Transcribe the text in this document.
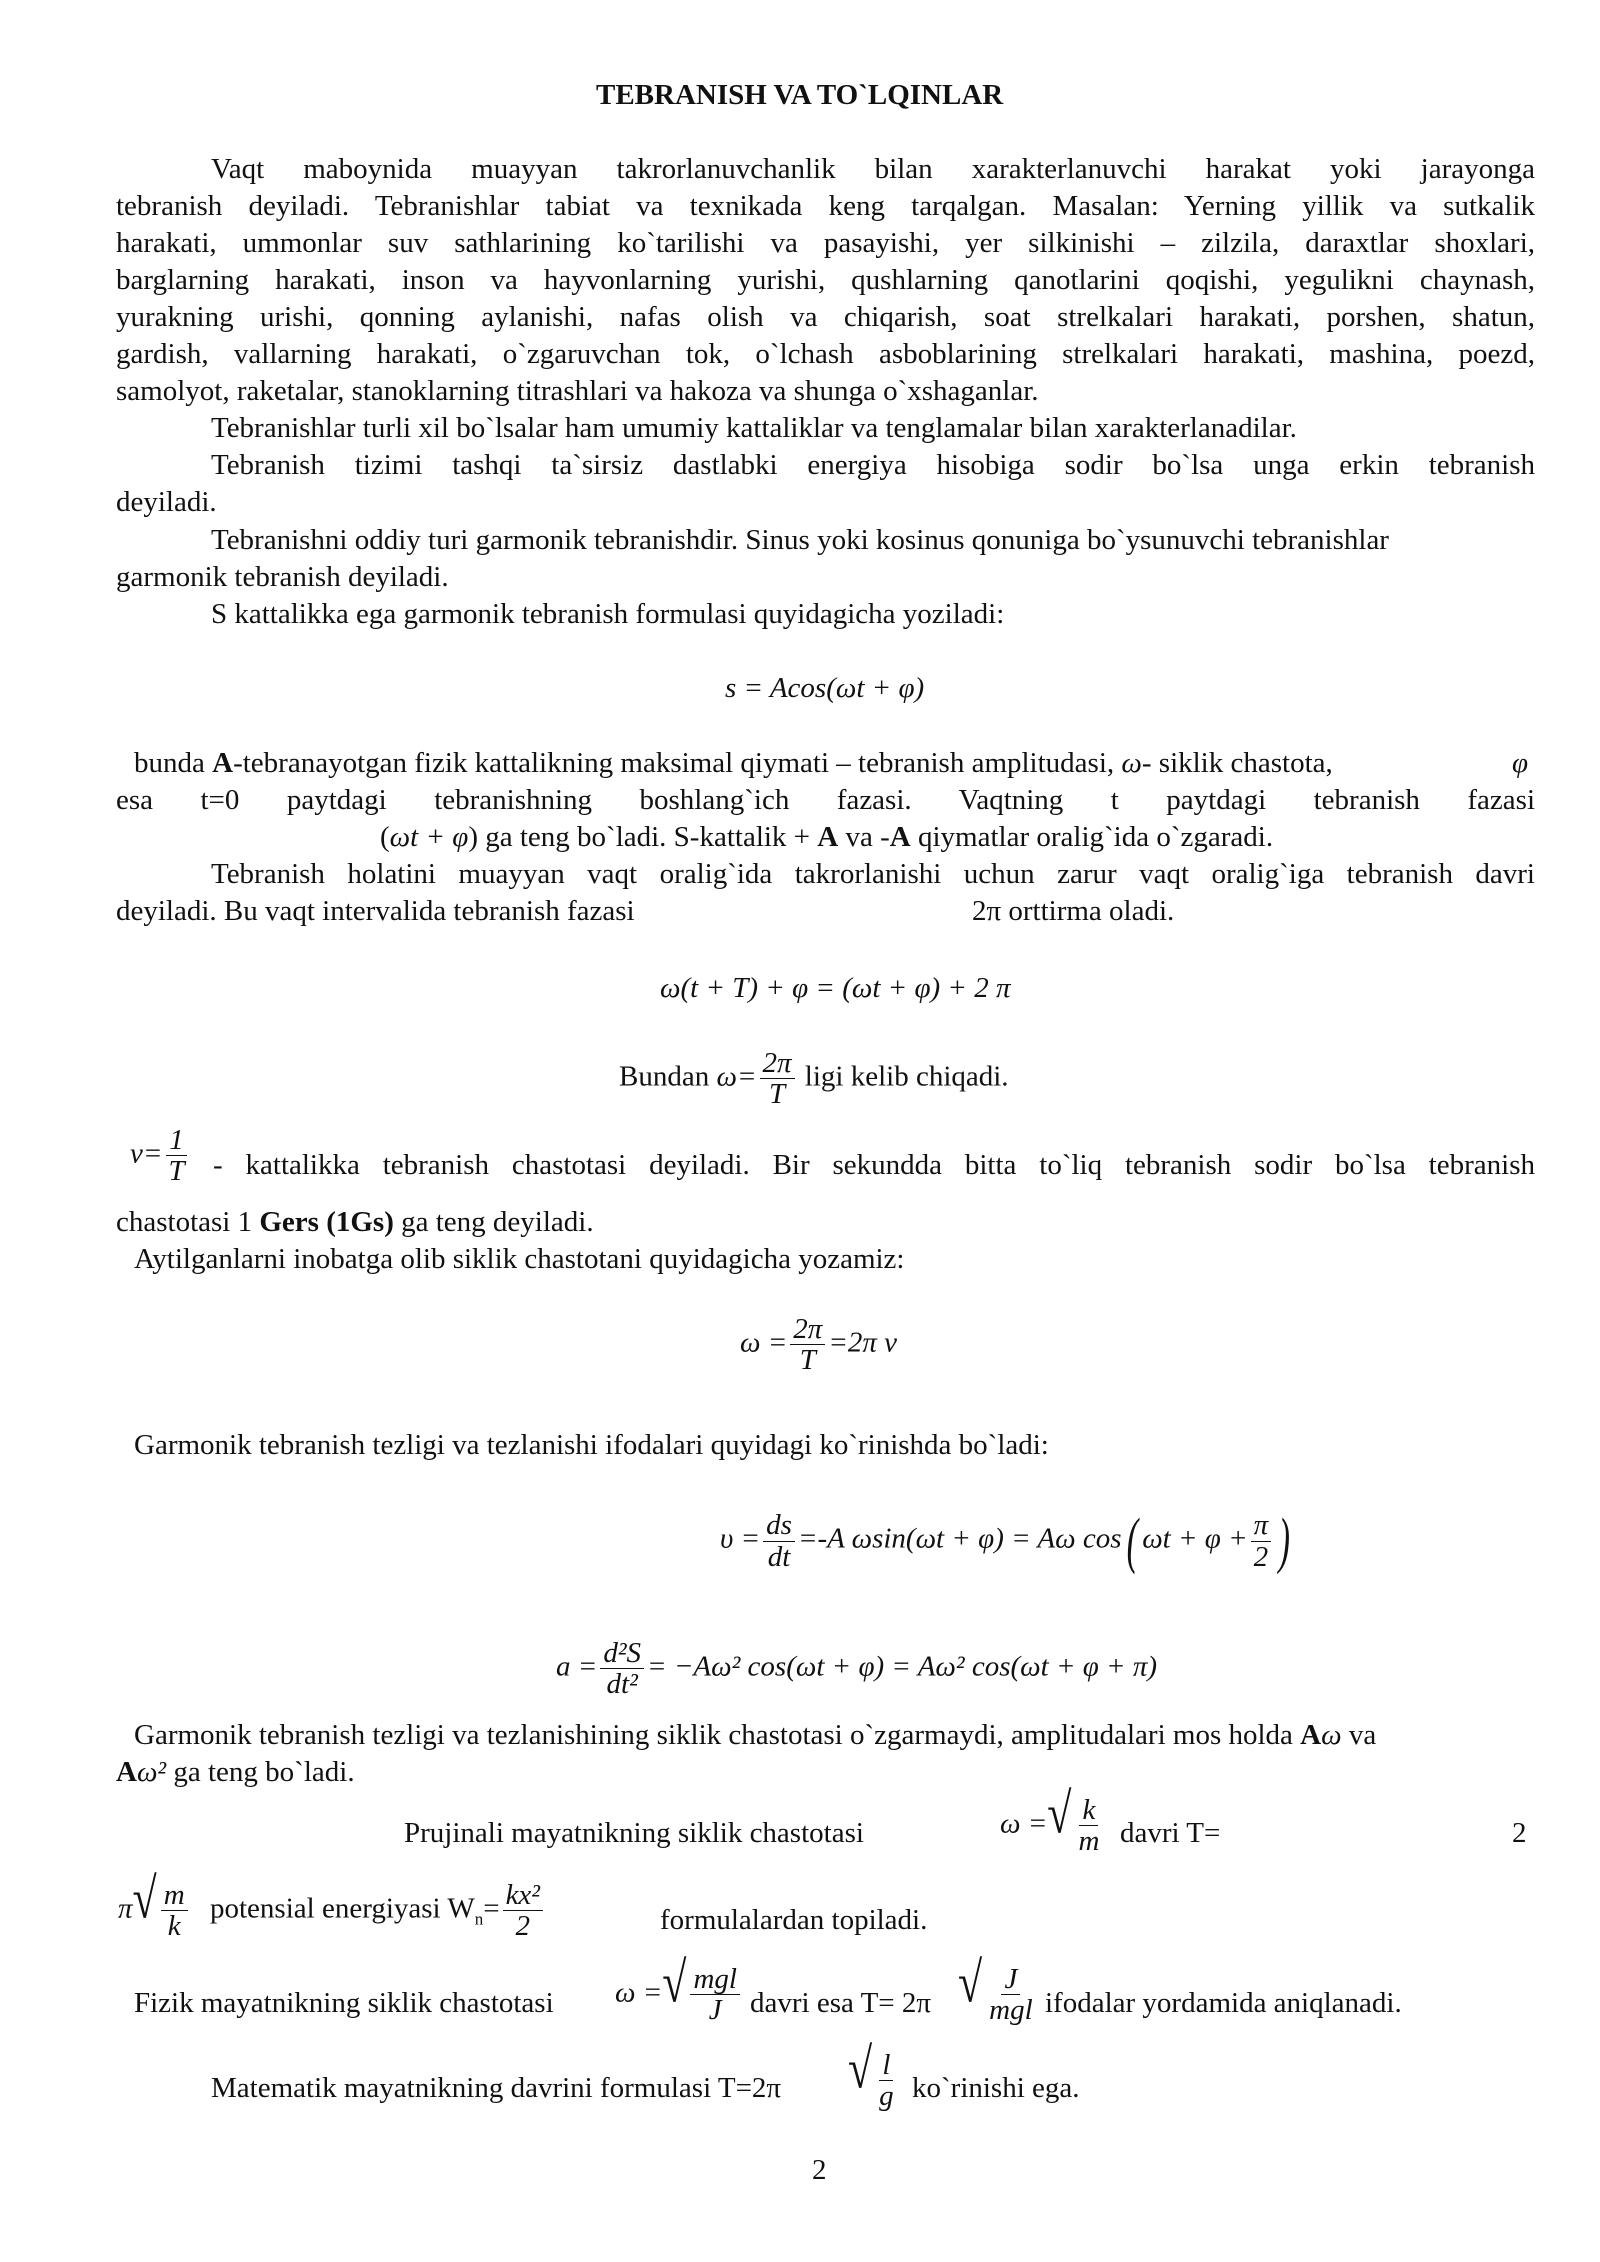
TEBRANISH VA TO`LQINLAR
Vaqt maboynida muayyan takrorlanuvchanlik bilan xarakterlanuvchi harakat yoki jarayonga
tebranish deyiladi. Tebranishlar tabiat va texnikada keng tarqalgan. Masalan: Yerning yillik va sutkalik
harakati, ummonlar suv sathlarining ko`tarilishi va pasayishi, yer silkinishi – zilzila, daraxtlar shoxlari,
barglarning harakati, inson va hayvonlarning yurishi, qushlarning qanotlarini qoqishi, yegulikni chaynash,
yurakning urishi, qonning aylanishi, nafas olish va chiqarish, soat strelkalari harakati, porshen, shatun,
gardish, vallarning harakati, o`zgaruvchan tok, o`lchash asboblarining strelkalari harakati, mashina, poezd,
samolyot, raketalar, stanoklarning titrashlari va hakoza va shunga o`xshaganlar.
Tebranishlar turli xil bo`lsalar ham umumiy kattaliklar va tenglamalar bilan xarakterlanadilar.
Tebranish tizimi tashqi ta`sirsiz dastlabki energiya hisobiga sodir bo`lsa unga erkin tebranish
deyiladi.
Tebranishni oddiy turi garmonik tebranishdir. Sinus yoki kosinus qonuniga bo`ysunuvchi tebranishlar
garmonik tebranish deyiladi.
S kattalikka ega garmonik tebranish formulasi quyidagicha yoziladi:
s = Acos(ωt + φ)
bunda A-tebranayotgan fizik kattalikning maksimal qiymati – tebranish amplitudasi, ω- siklik chastota,	φ
esa t=0 paytdagi tebranishning boshlang`ich fazasi. Vaqtning t paytdagi tebranish fazasi
(ωt + φ) ga teng bo`ladi. S-kattalik + A va -A qiymatlar oralig`ida o`zgaradi.
Tebranish holatini muayyan vaqt oralig`ida takrorlanishi uchun zarur vaqt oralig`iga tebranish davri
deyiladi. Bu vaqt intervalida tebranish fazasi	2π orttirma oladi.
ω(t + T) + φ = (ωt + φ) + 2 π
Bundan $\omega= \frac{2\pi}{T}$ ligi kelib chiqadi.
$\nu= \frac{1}{T}$ - kattalikka tebranish chastotasi deyiladi. Bir sekundda bitta to`liq tebranish sodir bo`lsa tebranish
chastotasi 1 Gers (1Gs) ga teng deyiladi.
Aytilganlarni inobatga olib siklik chastotani quyidagicha yozamiz:
$\omega = \frac{2\pi}{T} =2\pi$ ν
Garmonik tebranish tezligi va tezlanishi ifodalari quyidagi ko`rinishda bo`ladi:
$\upsilon = \frac{ds}{dt} =-A$ ωsin(ωt + φ) = Aω cos( $\omega t + \varphi + \frac{\pi}{2}$ )
$a = \frac{\text{d²S}}{\text{dt²}} = -A\omega^2$ cos(ωt + φ) = Aω² cos(ωt + φ + π)
Garmonik tebranish tezligi va tezlanishining siklik chastotasi o`zgarmaydi, amplitudalari mos holda Aω va
Aω² ga teng bo`ladi.
Prujinali mayatnikning siklik chastotasi	ω = √ $\frac{k}{m}$ davri T=	2
π √ $\frac{m}{k}$ potensial energiyasi $W_n= \frac{\text{kx²}}{2}$	formulalardan topiladi.
Fizik mayatnikning siklik chastotasi ω = √ $\frac{\text{mgl}}{J}$ davri esa T= 2π √ $\frac{J}{\text{mgl}}$ ifodalar yordamida aniqlanadi.
Matematik mayatnikning davrini formulasi T=2π √ $\frac{l}{g}$ ko`rinishi ega.
2
